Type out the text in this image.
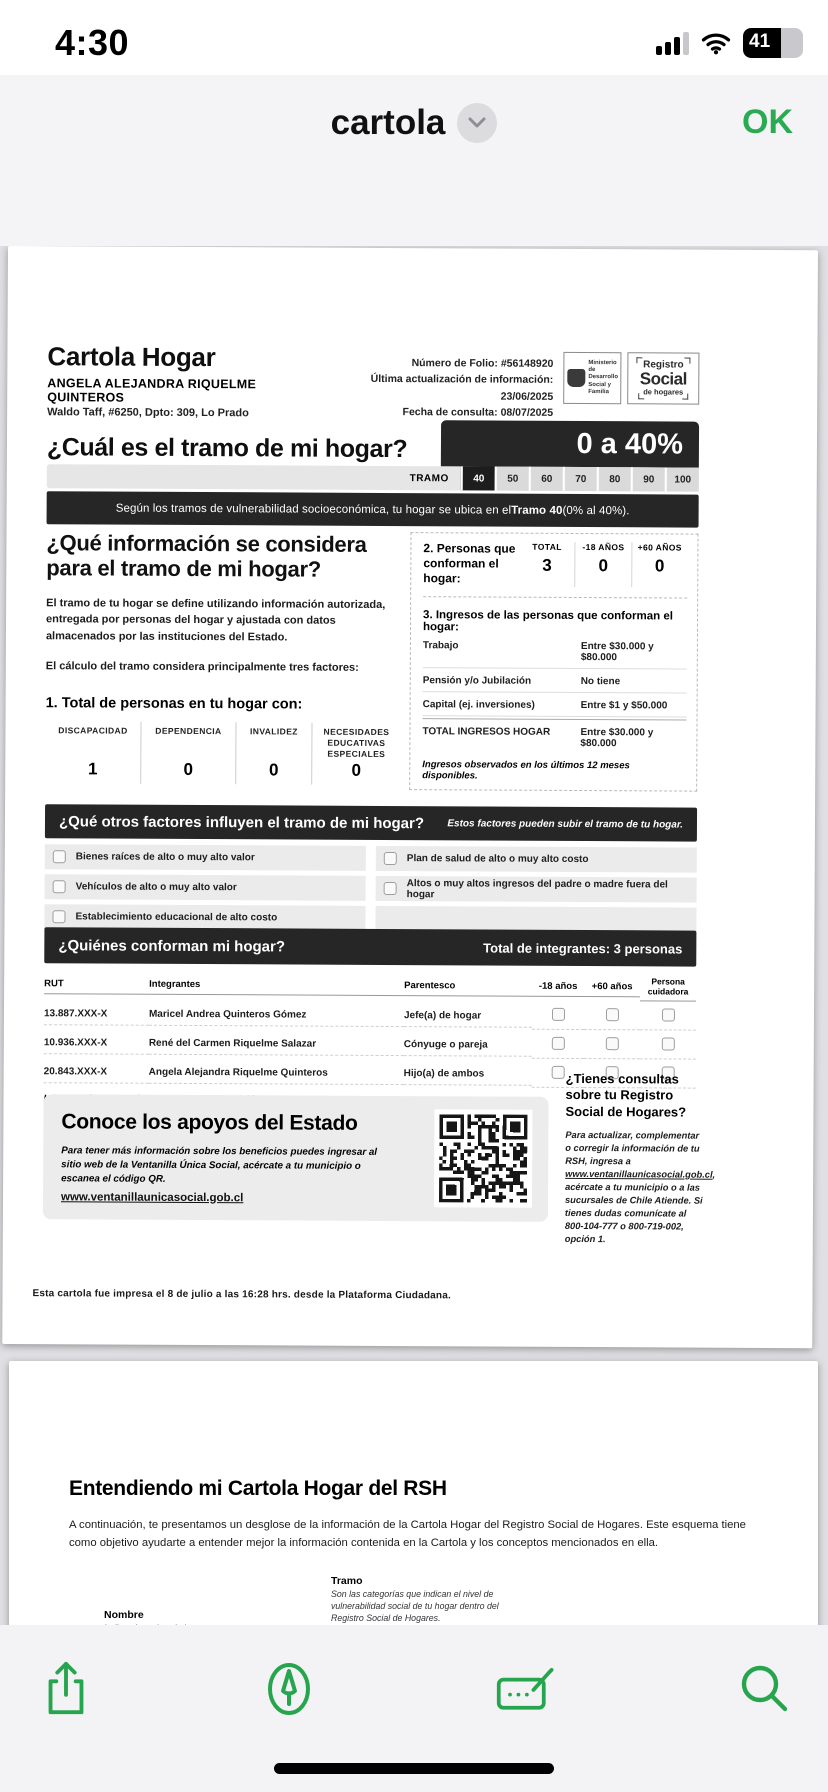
4:30	41
cartola	OK
Cartola Hogar
ANGELA ALEJANDRA RIQUELME QUINTEROS
Waldo Taff, #6250, Dpto: 309, Lo Prado
Número de Folio: #56148920
Última actualización de información: 23/06/2025
Fecha de consulta: 08/07/2025
Ministerio de Desarrollo Social y Familia
Registro
Social
de hogares
¿Cuál es el tramo de mi hogar?	0 a 40%
TRAMO	40	50	60	70	80	90	100
Según los tramos de vulnerabilidad socioeconómica, tu hogar se ubica en el Tramo 40 (0% al 40%).
¿Qué información se considera para el tramo de mi hogar?
El tramo de tu hogar se define utilizando información autorizada, entregada por personas del hogar y ajustada con datos almacenados por las instituciones del Estado.
El cálculo del tramo considera principalmente tres factores:
1. Total de personas en tu hogar con:
DISCAPACIDAD
1
DEPENDENCIA
0
INVALIDEZ
0
NECESIDADES EDUCATIVAS ESPECIALES
0
2. Personas que conforman el hogar:
TOTAL
3
-18 AÑOS
0
+60 AÑOS
0
3. Ingresos de las personas que conforman el hogar:
Trabajo	Entre $30.000 y $80.000
Pensión y/o Jubilación	No tiene
Capital (ej. inversiones)	Entre $1 y $50.000
TOTAL INGRESOS HOGAR	Entre $30.000 y $80.000
Ingresos observados en los últimos 12 meses disponibles.
¿Qué otros factores influyen el tramo de mi hogar? Estos factores pueden subir el tramo de tu hogar.
Bienes raíces de alto o muy alto valor	Plan de salud de alto o muy alto costo
Vehículos de alto o muy alto valor	Altos o muy altos ingresos del padre o madre fuera del hogar
Establecimiento educacional de alto costo
¿Quiénes conforman mi hogar?	Total de integrantes: 3 personas
RUT	Integrantes	Parentesco	-18 años	+60 años	Persona cuidadora
13.887.XXX-X	Maricel Andrea Quinteros Gómez	Jefe(a) de hogar
10.936.XXX-X	René del Carmen Riquelme Salazar	Cónyuge o pareja
20.843.XXX-X	Angela Alejandra Riquelme Quinteros	Hijo(a) de ambos
Conoce los apoyos del Estado
Para tener más información sobre los beneficios puedes ingresar al sitio web de la Ventanilla Única Social, acércate a tu municipio o escanea el código QR.
www.ventanillaunicasocial.gob.cl
¿Tienes consultas sobre tu Registro Social de Hogares?
Para actualizar, complementar o corregir la información de tu RSH, ingresa a www.ventanillaunicasocial.gob.cl, acércate a tu municipio o a las sucursales de Chile Atiende. Si tienes dudas comunícate al 800-104-777 o 800-719-002, opción 1.
Esta cartola fue impresa el 8 de julio a las 16:28 hrs. desde la Plataforma Ciudadana.
Entendiendo mi Cartola Hogar del RSH
A continuación, te presentamos un desglose de la información de la Cartola Hogar del Registro Social de Hogares. Este esquema tiene como objetivo ayudarte a entender mejor la información contenida en la Cartola y los conceptos mencionados en ella.
Tramo
Son las categorías que indican el nivel de vulnerabilidad social de tu hogar dentro del Registro Social de Hogares.
Nombre
